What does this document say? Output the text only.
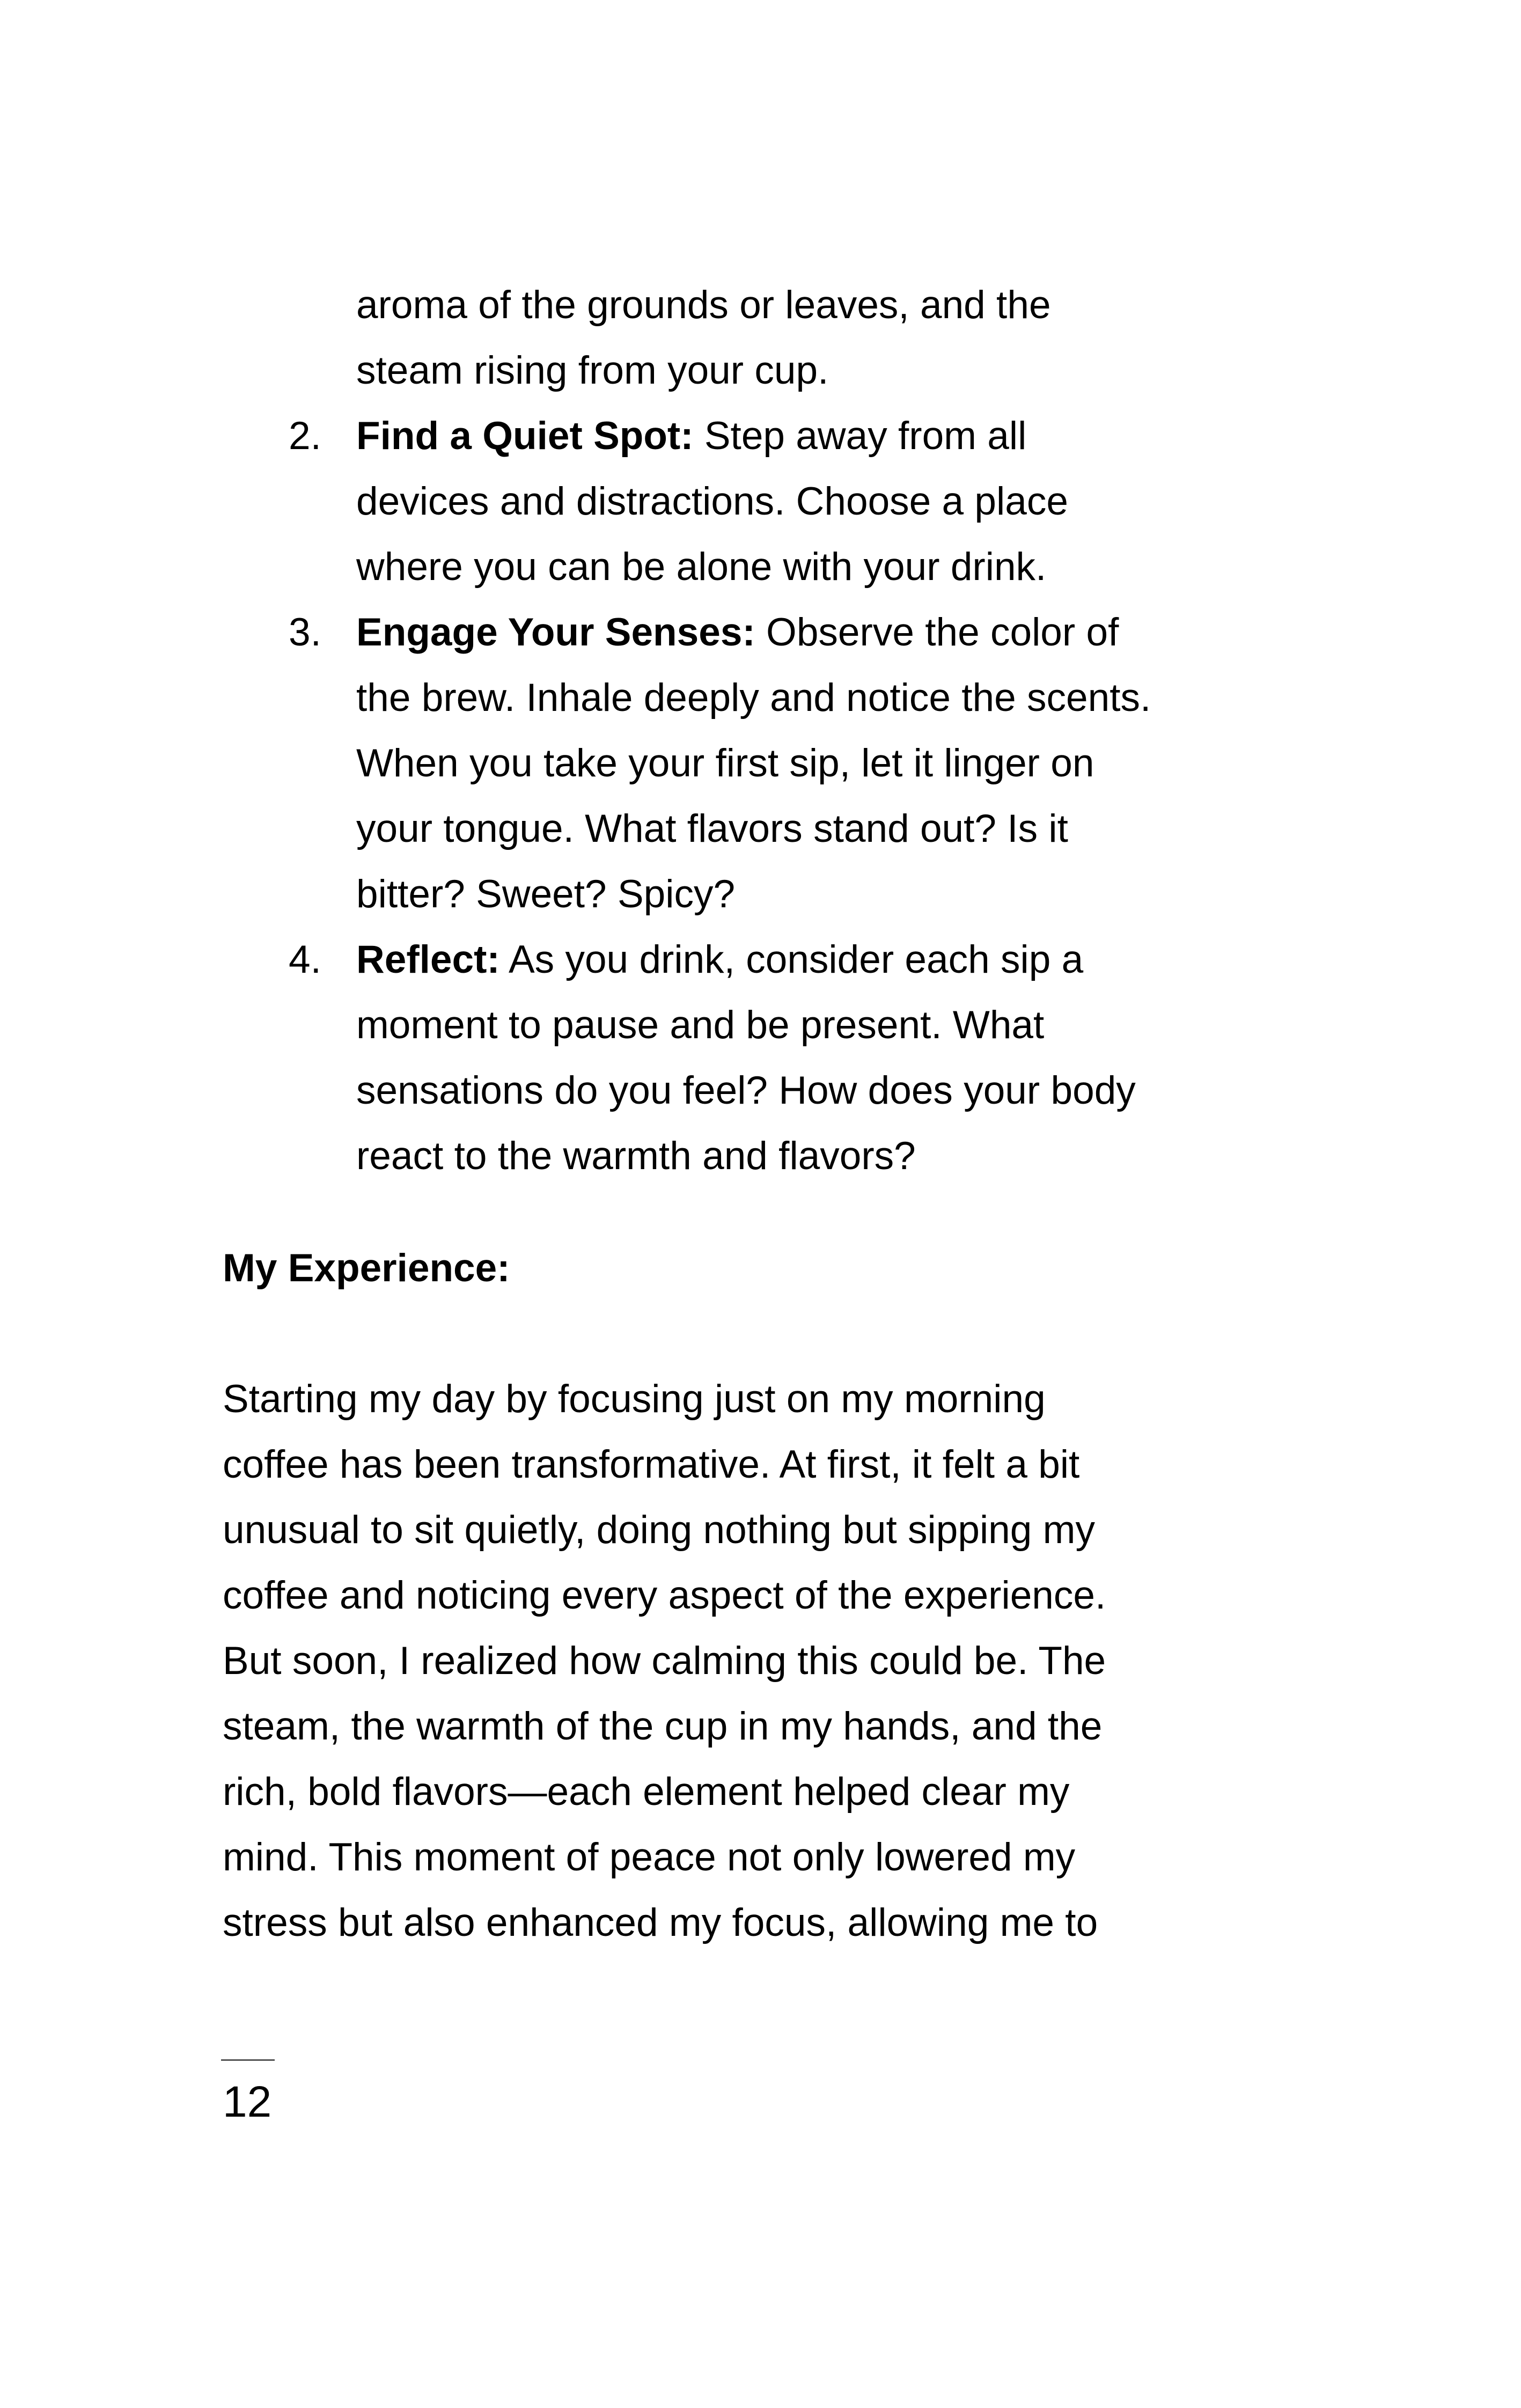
aroma of the grounds or leaves, and the
steam rising from your cup.
2. Find a Quiet Spot: Step away from all
devices and distractions. Choose a place
where you can be alone with your drink.
3. Engage Your Senses: Observe the color of
the brew. Inhale deeply and notice the scents.
When you take your first sip, let it linger on
your tongue. What flavors stand out? Is it
bitter? Sweet? Spicy?
4. Reflect: As you drink, consider each sip a
moment to pause and be present. What
sensations do you feel? How does your body
react to the warmth and flavors?
My Experience:
Starting my day by focusing just on my morning
coffee has been transformative. At first, it felt a bit
unusual to sit quietly, doing nothing but sipping my
coffee and noticing every aspect of the experience.
But soon, I realized how calming this could be. The
steam, the warmth of the cup in my hands, and the
rich, bold flavors—each element helped clear my
mind. This moment of peace not only lowered my
stress but also enhanced my focus, allowing me to
12
